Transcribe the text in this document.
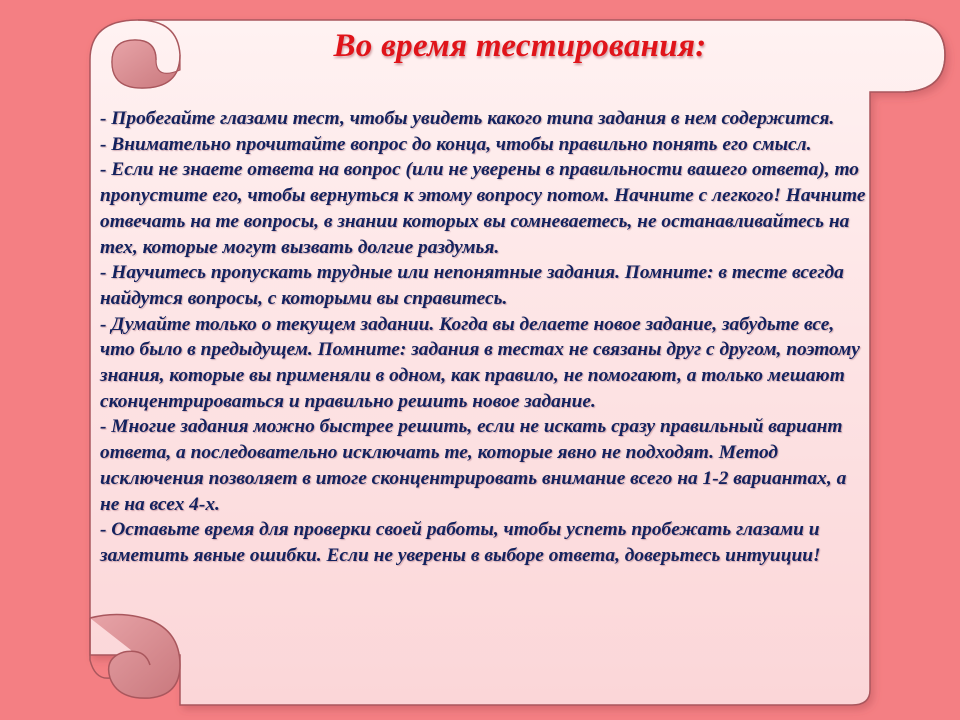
Во время тестирования:

- Пробегайте глазами тест, чтобы увидеть какого типа задания в нем содержится.

- Внимательно прочитайте вопрос до конца, чтобы правильно понять его смысл.

- Если не знаете ответа на вопрос (или не уверены в правильности вашего ответа), то пропустите его, чтобы вернуться к этому вопросу потом. Начните с легкого! Начните отвечать на те вопросы, в знании которых вы сомневаетесь, не останавливайтесь на тех, которые могут вызвать долгие раздумья.

- Научитесь пропускать трудные или непонятные задания. Помните: в тесте всегда найдутся вопросы, с которыми вы справитесь.

- Думайте только о текущем задании. Когда вы делаете новое задание, забудьте все, что было в предыдущем. Помните: задания в тестах не связаны друг с другом, поэтому знания, которые вы применяли в одном, как правило, не помогают, а только мешают сконцентрироваться и правильно решить новое задание.

- Многие задания можно быстрее решить, если не искать сразу правильный вариант ответа, а последовательно исключать те, которые явно не подходят. Метод исключения позволяет в итоге сконцентрировать внимание всего на 1-2 вариантах, а не на всех 4-х.

- Оставьте время для проверки своей работы, чтобы успеть пробежать глазами и заметить явные ошибки. Если не уверены в выборе ответа, доверьтесь интуиции!
